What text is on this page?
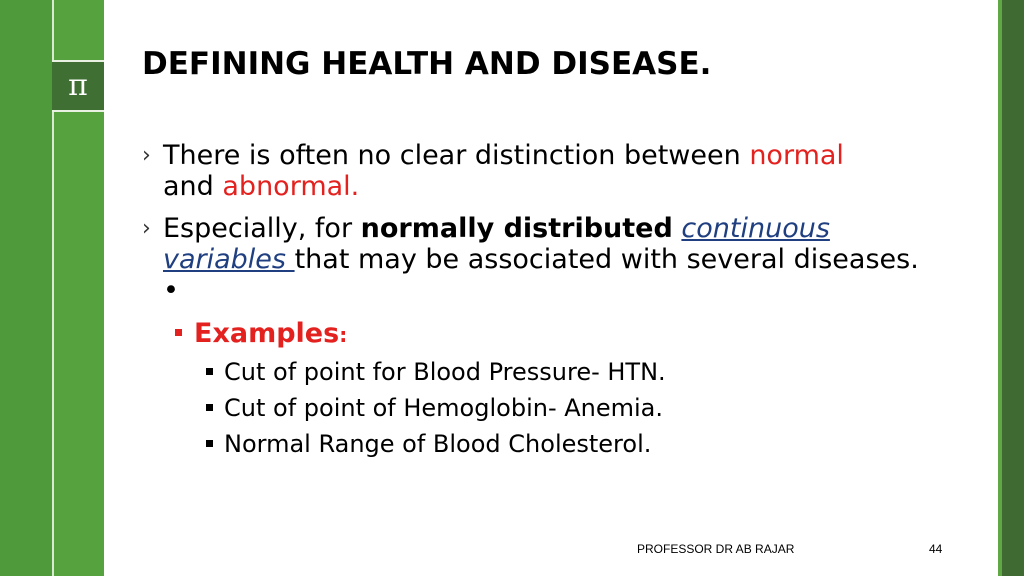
π
DEFINING HEALTH AND DISEASE.

› There is often no clear distinction between normal
and abnormal.

› Especially, for normally distributed continuous variables that may be associated with several diseases. •

Examples:

Cut of point for Blood Pressure- HTN.

Cut of point of Hemoglobin- Anemia.

Normal Range of Blood Cholesterol.

PROFESSOR DR AB RAJAR	44
